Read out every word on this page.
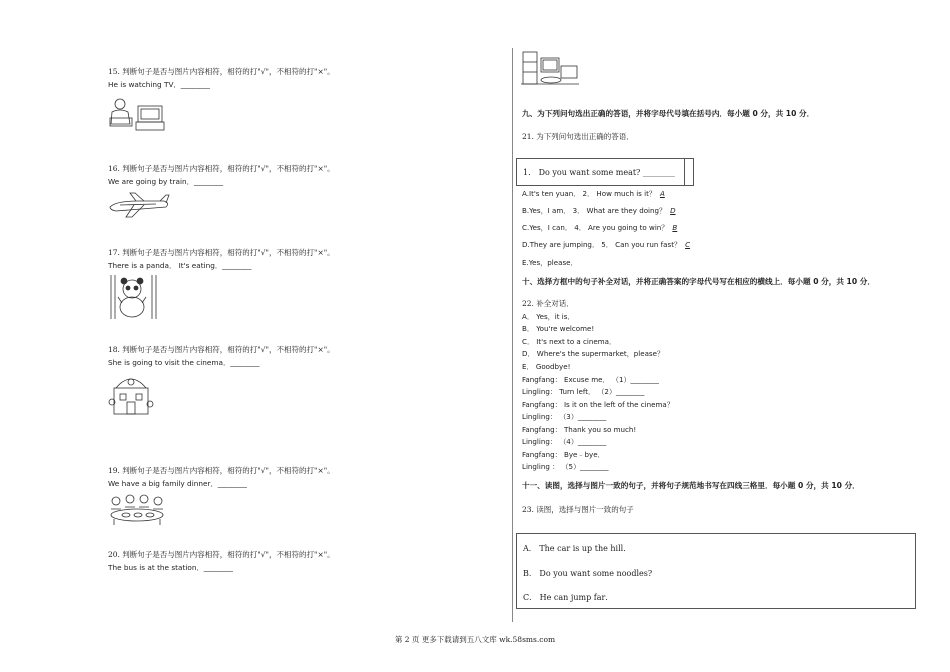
15. 判断句子是否与图片内容相符，相符的打"√"，不相符的打"×"。
He is watching TV．________
16. 判断句子是否与图片内容相符，相符的打"√"，不相符的打"×"。
We are going by train．________
17. 判断句子是否与图片内容相符，相符的打"√"，不相符的打"×"。
There is a panda． It's eating．________
18. 判断句子是否与图片内容相符，相符的打"√"，不相符的打"×"。
She is going to visit the cinema．________
19. 判断句子是否与图片内容相符，相符的打"√"，不相符的打"×"。
We have a big family dinner．________
20. 判断句子是否与图片内容相符，相符的打"√"，不相符的打"×"。
The bus is at the station．________
九、为下列问句选出正确的答语，并将字母代号填在括号内．每小题 0 分，共 10 分．
21. 为下列问句选出正确的答语．
1． Do you want some meat? ________
A.It's ten yuan． 2． How much is it？ A
B.Yes，I am． 3． What are they doing？ D
C.Yes，I can． 4． Are you going to win？ B
D.They are jumping． 5． Can you run fast？ C
E.Yes，please．
十、选择方框中的句子补全对话，并将正确答案的字母代号写在相应的横线上．每小题 0 分，共 10 分．
22. 补全对话．
A． Yes，it is．
B． You're welcome!
C． It's next to a cinema．
D． Where's the supermarket，please？
E． Goodbye!
Fangfang： Excuse me． （1）________
Lingling： Turn left． （2）________
Fangfang： Is it on the left of the cinema？
Lingling： （3）________
Fangfang： Thank you so much!
Lingling： （4）________
Fangfang： Bye﹣bye．
Lingling ： （5）________
十一、读图，选择与图片一致的句子，并将句子规范地书写在四线三格里．每小题 0 分，共 10 分．
23. 读图，选择与图片一致的句子
A． The car is up the hill．
B． Do you want some noodles?
C． He can jump far．
第 2 页 更多下载请到五八文库 wk.58sms.com
